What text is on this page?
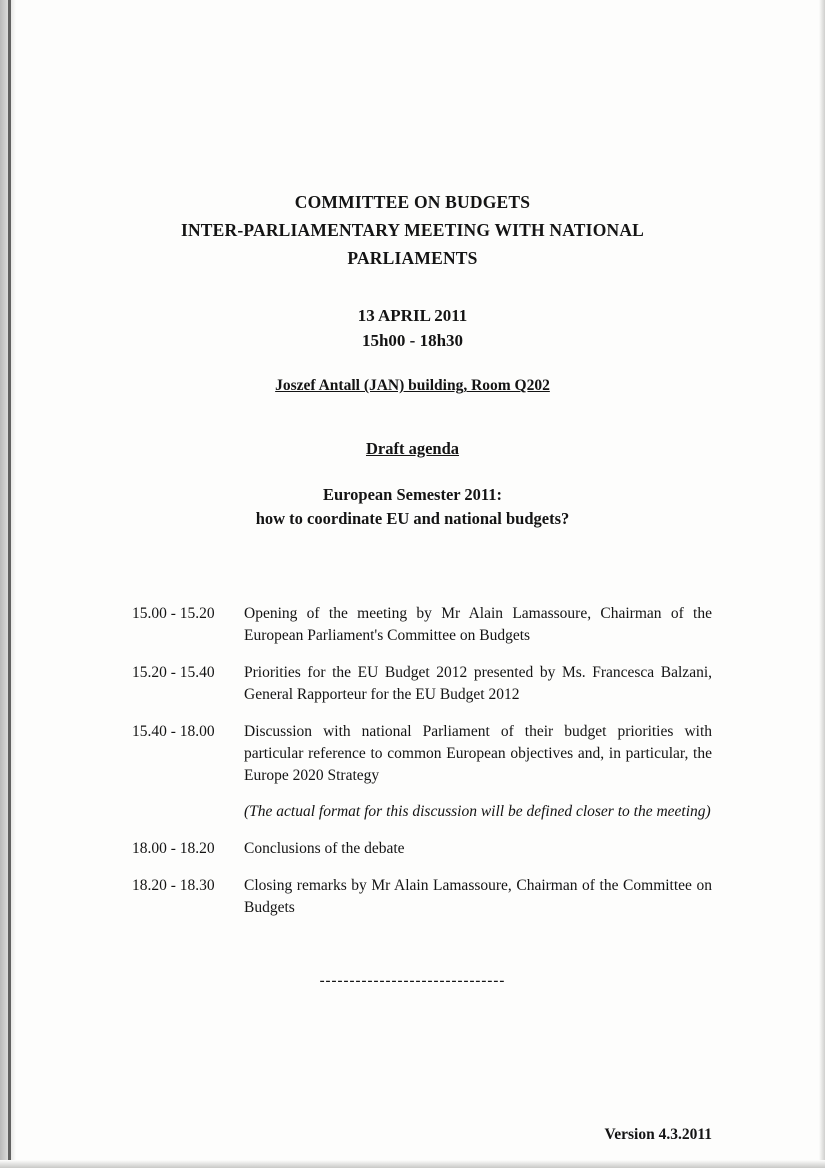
COMMITTEE ON BUDGETS
INTER-PARLIAMENTARY MEETING WITH NATIONAL PARLIAMENTS
13 APRIL 2011
15h00 - 18h30
Joszef Antall (JAN) building, Room Q202
Draft agenda
European Semester 2011:
how to coordinate EU and national budgets?
15.00 - 15.20	Opening of the meeting by Mr Alain Lamassoure, Chairman of the European Parliament's Committee on Budgets

15.20 - 15.40	Priorities for the EU Budget 2012 presented by Ms. Francesca Balzani, General Rapporteur for the EU Budget 2012

15.40 - 18.00	Discussion with national Parliament of their budget priorities with particular reference to common European objectives and, in particular, the Europe 2020 Strategy

(The actual format for this discussion will be defined closer to the meeting)

18.00 - 18.20	Conclusions of the debate

18.20 - 18.30	Closing remarks by Mr Alain Lamassoure, Chairman of the Committee on Budgets

-------------------------------
Version 4.3.2011
